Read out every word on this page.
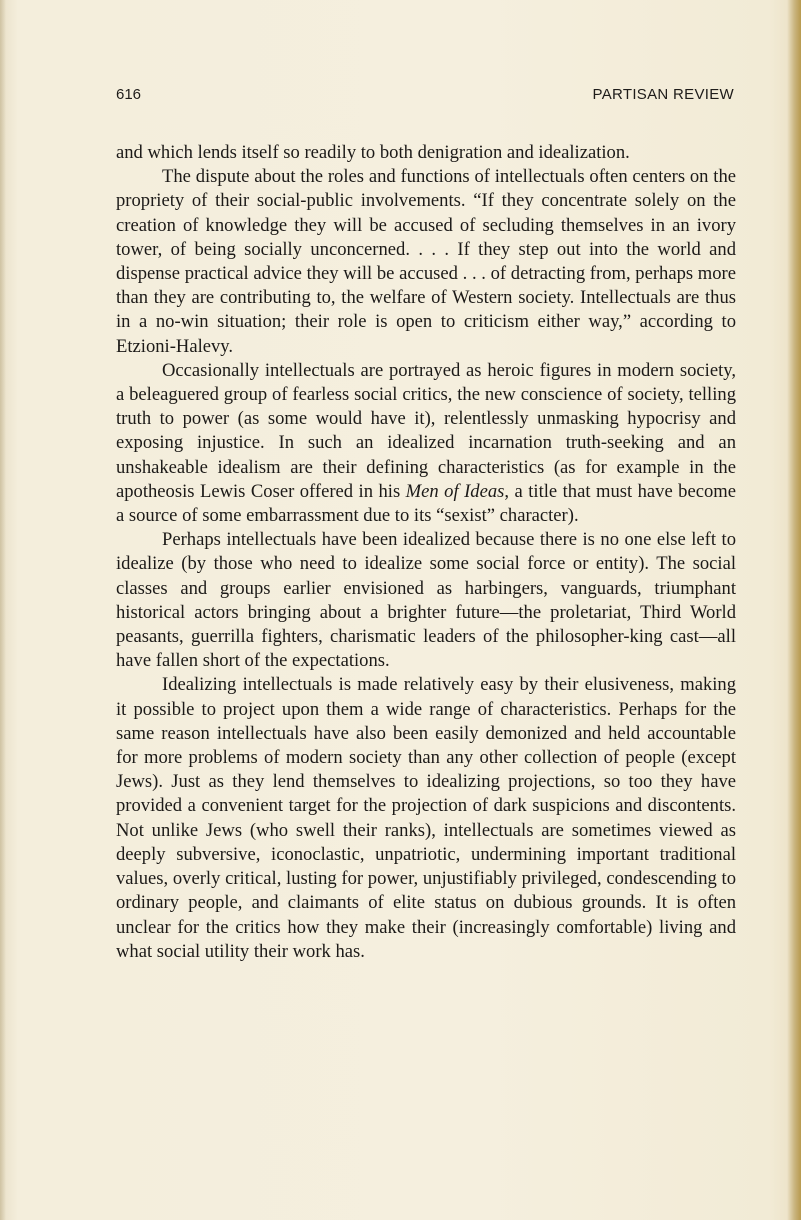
616	PARTISAN REVIEW

and which lends itself so readily to both denigration and idealization.

The dispute about the roles and functions of intellectuals often centers on the propriety of their social-public involvements. “If they concentrate solely on the creation of knowledge they will be accused of secluding themselves in an ivory tower, of being socially unconcerned. . . . If they step out into the world and dispense practical advice they will be accused . . . of detracting from, perhaps more than they are contributing to, the welfare of Western society. Intellectuals are thus in a no-win situation; their role is open to criticism either way,” according to Etzioni-Halevy.

Occasionally intellectuals are portrayed as heroic figures in modern society, a beleaguered group of fearless social critics, the new conscience of society, telling truth to power (as some would have it), relentlessly unmasking hypocrisy and exposing injustice. In such an idealized incarnation truth-seeking and an unshakeable idealism are their defining characteristics (as for example in the apotheosis Lewis Coser offered in his Men of Ideas, a title that must have become a source of some embarrassment due to its “sexist” character).

Perhaps intellectuals have been idealized because there is no one else left to idealize (by those who need to idealize some social force or entity). The social classes and groups earlier envisioned as harbingers, vanguards, triumphant historical actors bringing about a brighter future—the proletariat, Third World peasants, guerrilla fighters, charismatic leaders of the philosopher-king cast—all have fallen short of the expectations.

Idealizing intellectuals is made relatively easy by their elusiveness, making it possible to project upon them a wide range of characteristics. Perhaps for the same reason intellectuals have also been easily demonized and held accountable for more problems of modern society than any other collection of people (except Jews). Just as they lend themselves to idealizing projections, so too they have provided a convenient target for the projection of dark suspicions and discontents. Not unlike Jews (who swell their ranks), intellectuals are sometimes viewed as deeply subversive, iconoclastic, unpatriotic, undermining important traditional values, overly critical, lusting for power, unjustifiably privileged, condescending to ordinary people, and claimants of elite status on dubious grounds. It is often unclear for the critics how they make their (increasingly comfortable) living and what social utility their work has.
